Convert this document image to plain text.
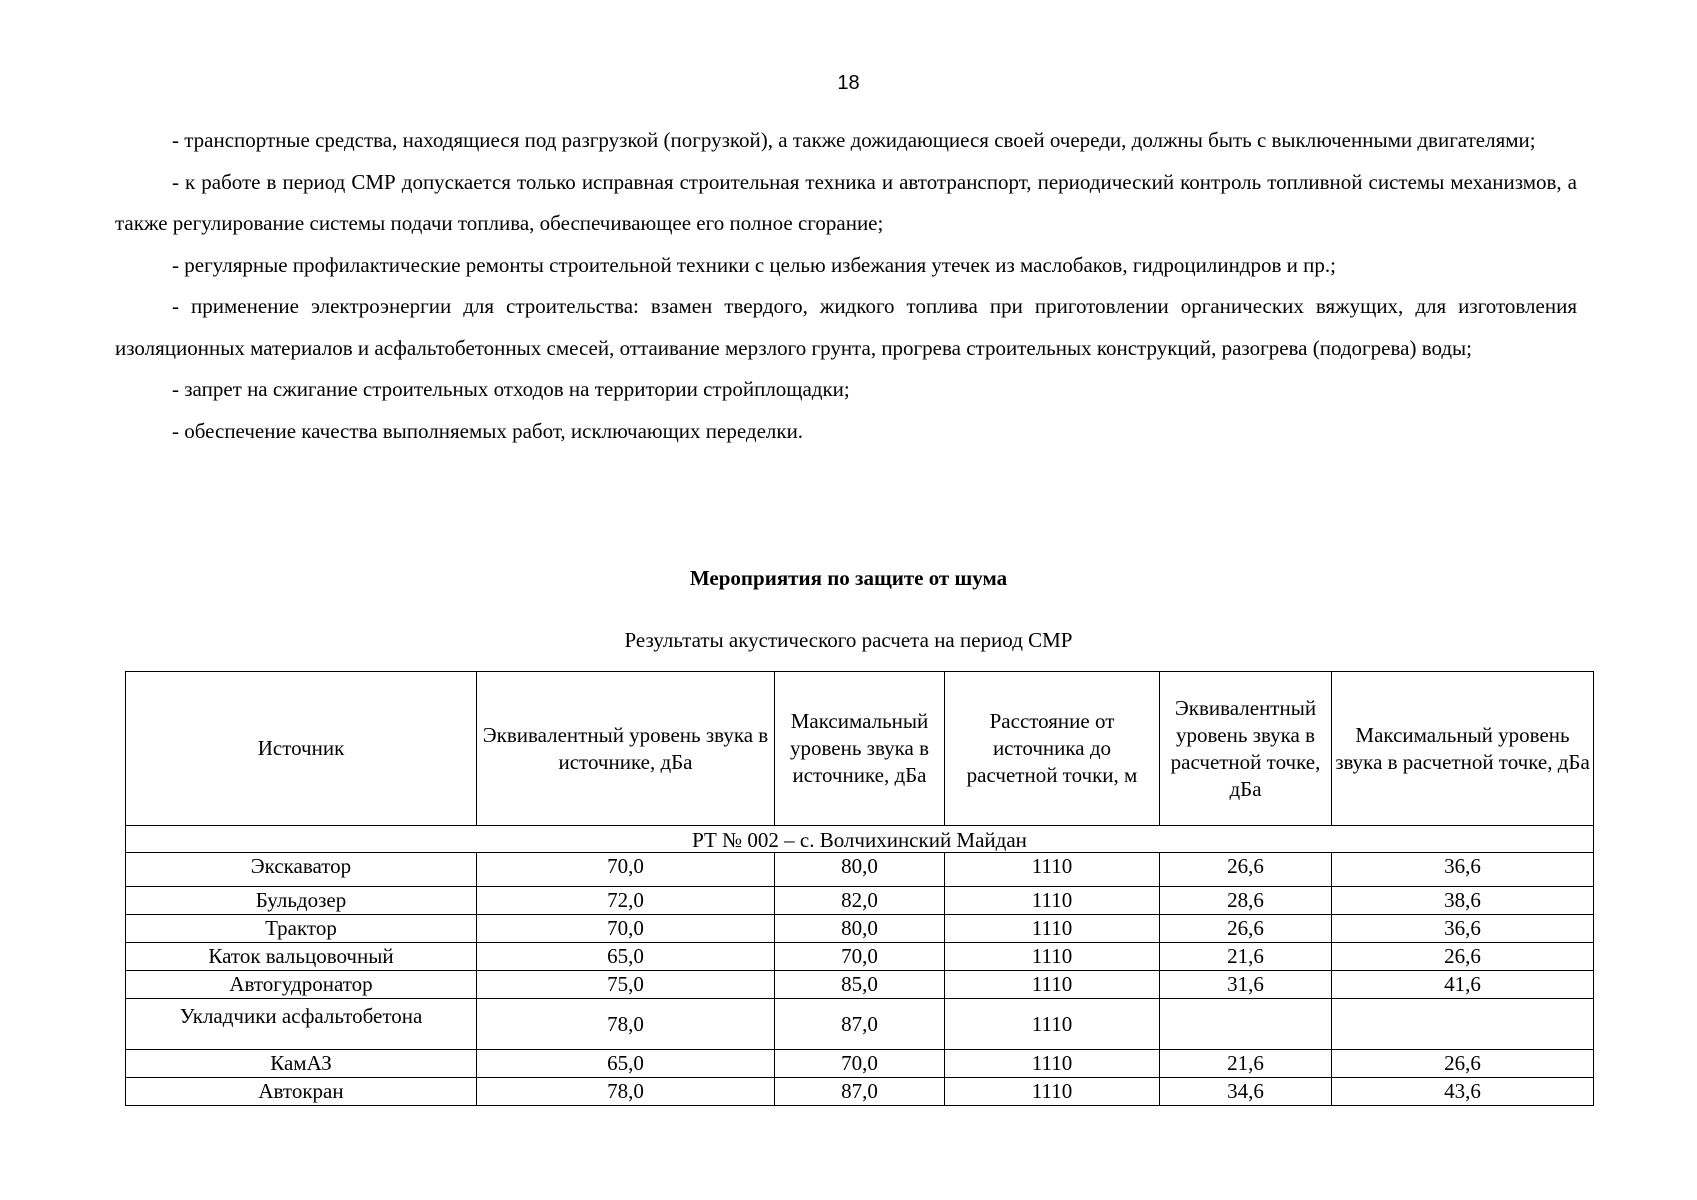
18

- транспортные средства, находящиеся под разгрузкой (погрузкой), а также дожидающиеся своей очереди, должны быть с выключенными двигателями;

- к работе в период СМР допускается только исправная строительная техника и автотранспорт, периодический контроль топливной системы механизмов, а также регулирование системы подачи топлива, обеспечивающее его полное сгорание;

- регулярные профилактические ремонты строительной техники с целью избежания утечек из маслобаков, гидроцилиндров и пр.;

- применение электроэнергии для строительства: взамен твердого, жидкого топлива при приготовлении органических вяжущих, для изготовления изоляционных материалов и асфальтобетонных смесей, оттаивание мерзлого грунта, прогрева строительных конструкций, разогрева (подогрева) воды;

- запрет на сжигание строительных отходов на территории стройплощадки;

- обеспечение качества выполняемых работ, исключающих переделки.

Мероприятия по защите от шума
Результаты акустического расчета на период СМР
Источник	Эквивалентный уровень звука в источнике, дБа	Максимальный уровень звука в источнике, дБа	Расстояние от источника до расчетной точки, м	Эквивалентный уровень звука в расчетной точке, дБа	Максимальный уровень звука в расчетной точке, дБа
РТ № 002 – с. Волчихинский Майдан					
Экскаватор	70,0	80,0	1110	26,6	36,6
Бульдозер	72,0	82,0	1110	28,6	38,6
Трактор	70,0	80,0	1110	26,6	36,6
Каток вальцовочный	65,0	70,0	1110	21,6	26,6
Автогудронатор	75,0	85,0	1110	31,6	41,6
Укладчики асфальтобетона	78,0	87,0	1110		
КамАЗ	65,0	70,0	1110	21,6	26,6
Автокран	78,0	87,0	1110	34,6	43,6
